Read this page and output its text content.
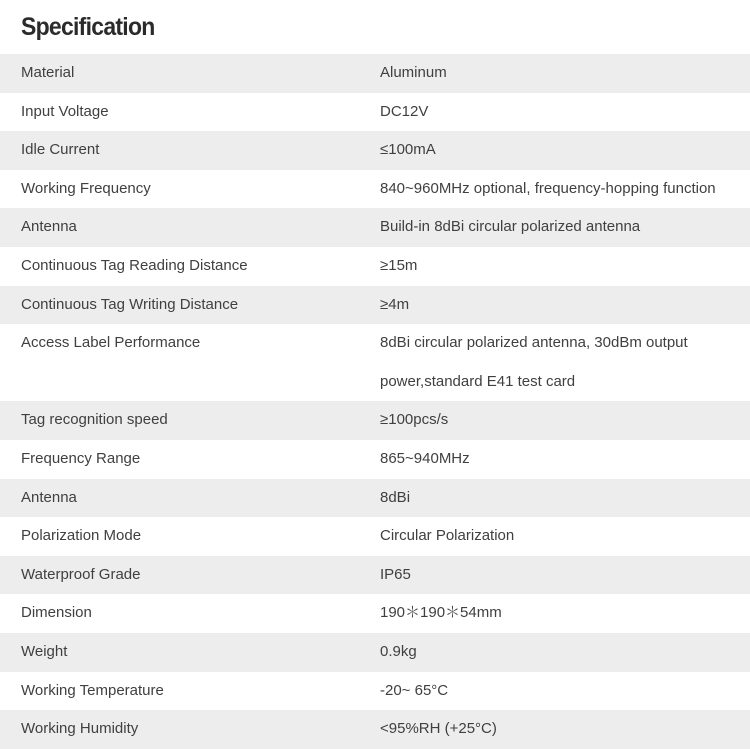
Specification
Material	Aluminum
Input Voltage	DC12V
Idle Current	≤100mA
Working Frequency	840~960MHz optional, frequency-hopping function
Antenna	Build-in 8dBi circular polarized antenna
Continuous Tag Reading Distance	≥15m
Continuous Tag Writing Distance	≥4m
Access Label Performance	8dBi circular polarized antenna, 30dBm output
power,standard E41 test card
Tag recognition speed	≥100pcs/s
Frequency Range	865~940MHz
Antenna	8dBi
Polarization Mode	Circular Polarization
Waterproof Grade	IP65
Dimension	190＊190＊54mm
Weight	0.9kg
Working Temperature	-20~ 65°C
Working Humidity	<95%RH (+25°C)
